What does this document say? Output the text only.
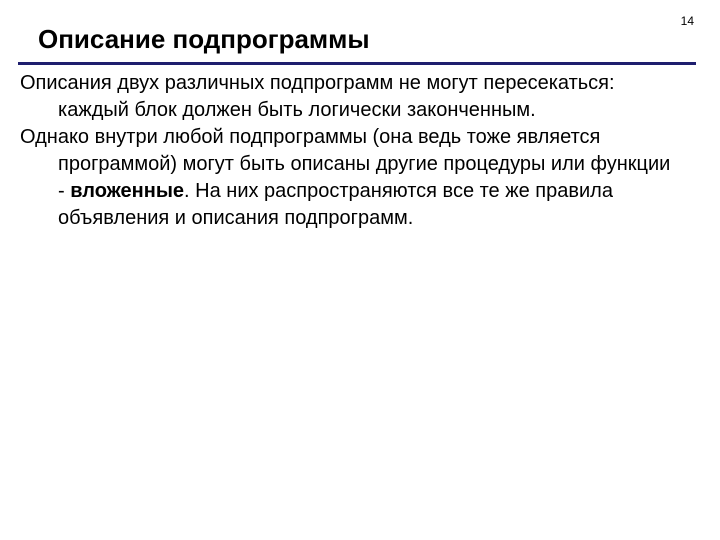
Описание подпрограммы
14

Описания двух различных подпрограмм не могут пересекаться: каждый блок должен быть логически законченным.

Однако внутри любой подпрограммы (она ведь тоже является программой) могут быть описаны другие процедуры или функции - вложенные. На них распространяются все те же правила объявления и описания подпрограмм.
